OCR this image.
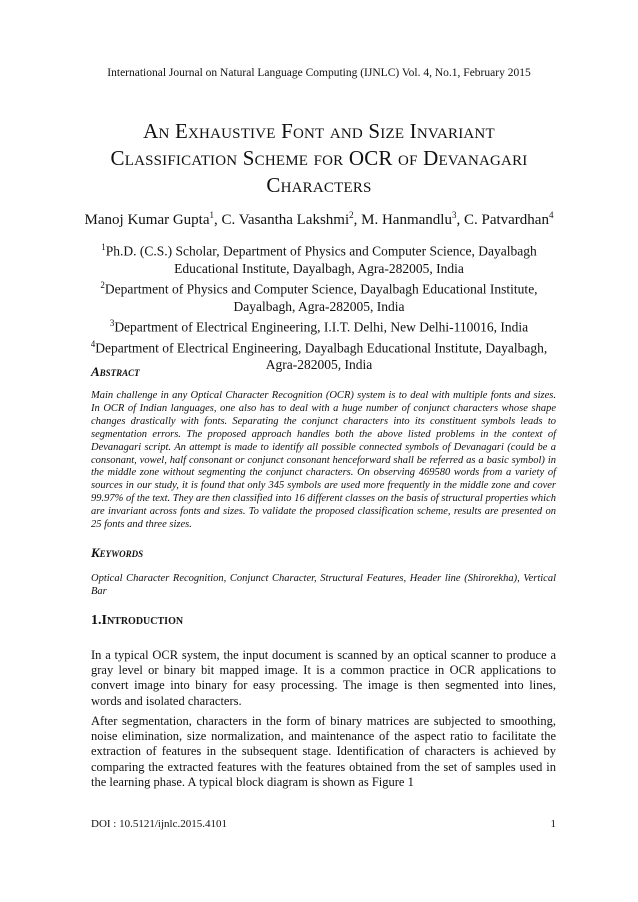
International Journal on Natural Language Computing (IJNLC) Vol. 4, No.1, February 2015
An Exhaustive Font and Size Invariant
Classification Scheme for OCR of Devanagari
Characters
Manoj Kumar Gupta$^1$, C. Vasantha Lakshmi$^2$, M. Hanmandlu$^3$, C. Patvardhan$^4$
$^1$Ph.D. (C.S.) Scholar, Department of Physics and Computer Science, Dayalbagh Educational Institute, Dayalbagh, Agra-282005, India
$^2$Department of Physics and Computer Science, Dayalbagh Educational Institute, Dayalbagh, Agra-282005, India
$^3$Department of Electrical Engineering, I.I.T. Delhi, New Delhi-110016, India
$^4$Department of Electrical Engineering, Dayalbagh Educational Institute, Dayalbagh, Agra-282005, India
Abstract
Main challenge in any Optical Character Recognition (OCR) system is to deal with multiple fonts and sizes. In OCR of Indian languages, one also has to deal with a huge number of conjunct characters whose shape changes drastically with fonts. Separating the conjunct characters into its constituent symbols leads to segmentation errors. The proposed approach handles both the above listed problems in the context of Devanagari script. An attempt is made to identify all possible connected symbols of Devanagari (could be a consonant, vowel, half consonant or conjunct consonant henceforward shall be referred as a basic symbol) in the middle zone without segmenting the conjunct characters. On observing 469580 words from a variety of sources in our study, it is found that only 345 symbols are used more frequently in the middle zone and cover 99.97% of the text. They are then classified into 16 different classes on the basis of structural properties which are invariant across fonts and sizes. To validate the proposed classification scheme, results are presented on 25 fonts and three sizes.
Keywords
Optical Character Recognition, Conjunct Character, Structural Features, Header line (Shirorekha), Vertical Bar
1.Introduction
In a typical OCR system, the input document is scanned by an optical scanner to produce a gray level or binary bit mapped image. It is a common practice in OCR applications to convert image into binary for easy processing. The image is then segmented into lines, words and isolated characters.
After segmentation, characters in the form of binary matrices are subjected to smoothing, noise elimination, size normalization, and maintenance of the aspect ratio to facilitate the extraction of features in the subsequent stage. Identification of characters is achieved by comparing the extracted features with the features obtained from the set of samples used in the learning phase. A typical block diagram is shown as Figure 1
DOI : 10.5121/ijnlc.2015.4101	1
